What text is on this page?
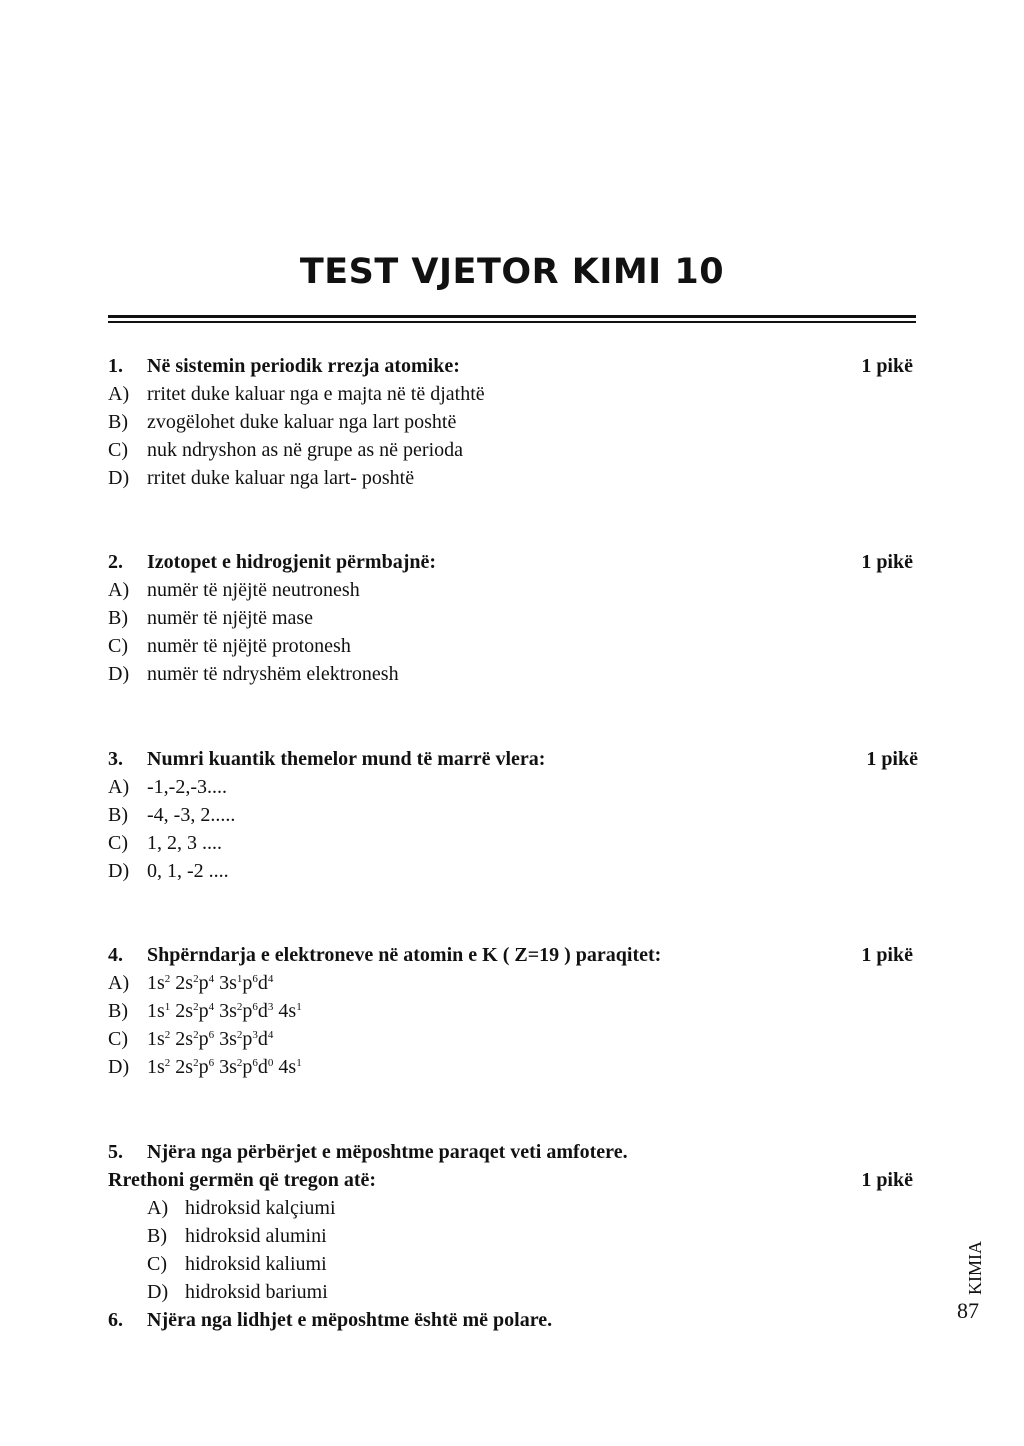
TEST VJETOR KIMI 10
1. Në sistemin periodik rrezja atomike:	1 pikë
A) rritet duke kaluar nga e majta në të djathtë
B) zvogëlohet duke kaluar nga lart poshtë
C) nuk ndryshon as në grupe as në perioda
D) rritet duke kaluar nga lart- poshtë
2. Izotopet e hidrogjenit përmbajnë:	1 pikë
A) numër të njëjtë neutronesh
B) numër të njëjtë mase
C) numër të njëjtë protonesh
D) numër të ndryshëm elektronesh
3. Numri kuantik themelor mund të marrë vlera:	1 pikë
A) -1,-2,-3....
B) -4, -3, 2.....
C) 1, 2, 3 ....
D) 0, 1, -2 ....
4. Shpërndarja e elektroneve në atomin e K ( Z=19 ) paraqitet:	1 pikë
A) $1s^2$ $2s^2p^4$ $3s^1p^6d^4$
B) $1s^1$ $2s^2p^4$ $3s^2p^6d^3$ $4s^1$
C) $1s^2$ $2s^2p^6$ $3s^2p^3d^4$
D) $1s^2$ $2s^2p^6$ $3s^2p^6d^0$ $4s^1$
5. Njëra nga përbërjet e mëposhtme paraqet veti amfotere.
Rrethoni germën që tregon atë:	1 pikë
A) hidroksid kalçiumi
B) hidroksid alumini
C) hidroksid kaliumi
D) hidroksid bariumi
6. Njëra nga lidhjet e mëposhtme është më polare.
KIMIA
87
